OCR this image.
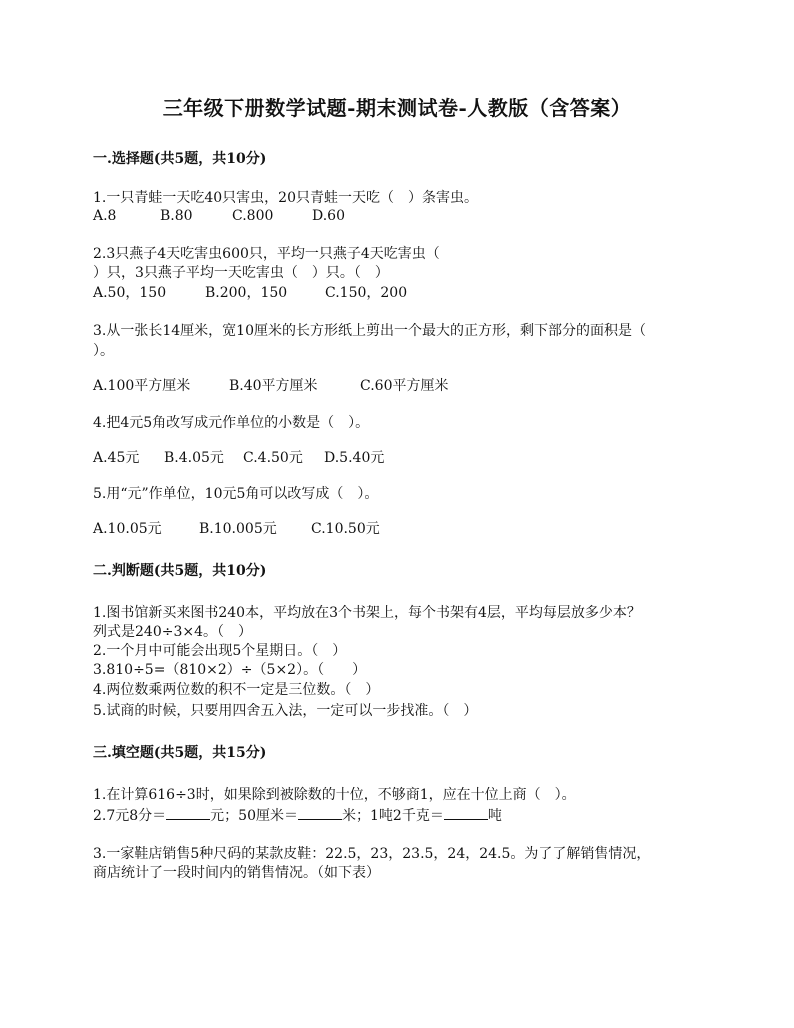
三年级下册数学试题-期末测试卷-人教版（含答案）
一.选择题(共5题，共10分)
1.一只青蛙一天吃40只害虫，20只青蛙一天吃（　）条害虫。
A.8	B.80	C.800	D.60
2.3只燕子4天吃害虫600只，平均一只燕子4天吃害虫（
）只，3只燕子平均一天吃害虫（　）只。（　）
A.50，150	B.200，150	C.150，200
3.从一张长14厘米，宽10厘米的长方形纸上剪出一个最大的正方形，剩下部分的面积是（
）。
A.100平方厘米	B.40平方厘米	C.60平方厘米
4.把4元5角改写成元作单位的小数是（　）。
A.45元 B.4.05元 C.4.50元 D.5.40元
5.用“元”作单位，10元5角可以改写成（　）。
A.10.05元	B.10.005元 C.10.50元
二.判断题(共5题，共10分)
1.图书馆新买来图书240本，平均放在3个书架上，每个书架有4层，平均每层放多少本？
列式是240÷3×4。（　）
2.一个月中可能会出现5个星期日。（　）
3.810÷5=（810×2）÷（5×2）。（　　）
4.两位数乘两位数的积不一定是三位数。（　）
5.试商的时候，只要用四舍五入法，一定可以一步找准。（　）
三.填空题(共5题，共15分)
1.在计算616÷3时，如果除到被除数的十位，不够商1，应在十位上商（　）。
2.7元8分＝	元；50厘米＝	米；1吨2千克＝	吨
3.一家鞋店销售5种尺码的某款皮鞋：22.5，23，23.5，24，24.5。为了了解销售情况，
商店统计了一段时间内的销售情况。（如下表）
